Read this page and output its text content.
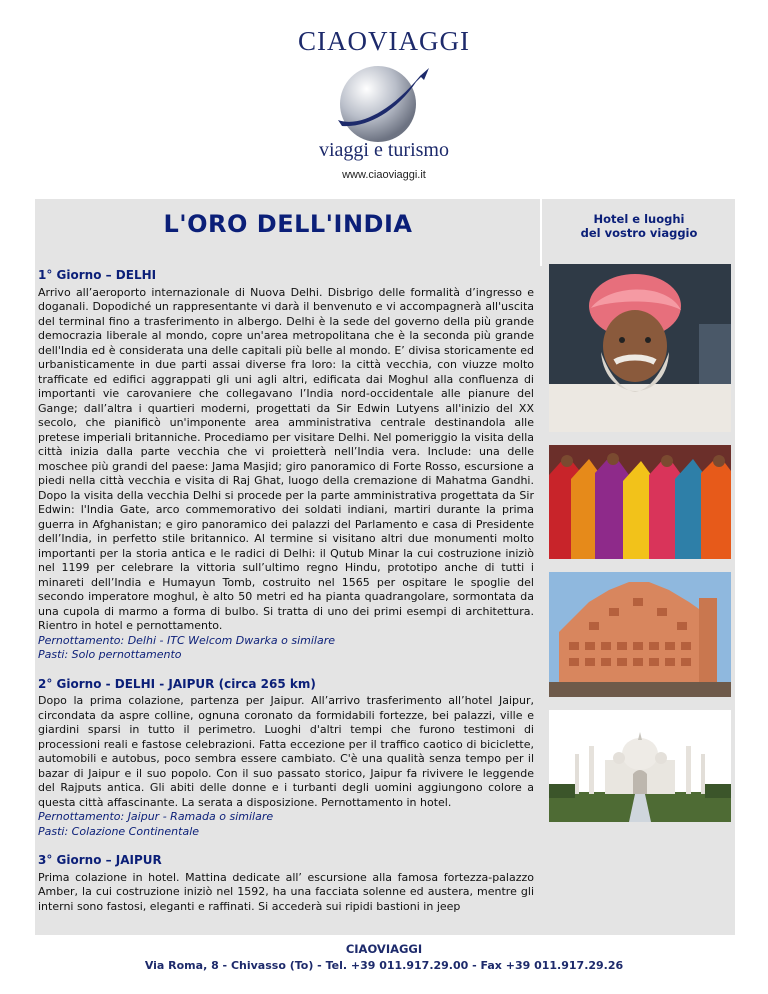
CIAOVIAGGI
viaggi e turismo
www.ciaoviaggi.it
L'ORO DELL'INDIA	Hotel e luoghi
del vostro viaggio
1° Giorno – DELHI

Arrivo all’aeroporto internazionale di Nuova Delhi. Disbrigo delle formalità d’ingresso e doganali. Dopodiché un rappresentante vi darà il benvenuto e vi accompagnerà all'uscita del terminal fino a trasferimento in albergo. Delhi è la sede del governo della più grande democrazia liberale al mondo, copre un'area metropolitana che è la seconda più grande dell'India ed è considerata una delle capitali più belle al mondo. E’ divisa storicamente ed urbanisticamente in due parti assai diverse fra loro: la città vecchia, con viuzze molto trafficate ed edifici aggrappati gli uni agli altri, edificata dai Moghul alla confluenza di importanti vie carovaniere che collegavano l’India nord-occidentale alle pianure del Gange; dall’altra i quartieri moderni, progettati da Sir Edwin Lutyens all'inizio del XX secolo, che pianificò un'imponente area amministrativa centrale destinandola alle pretese imperiali britanniche. Procediamo per visitare Delhi. Nel pomeriggio la visita della città inizia dalla parte vecchia che vi proietterà nell’India vera. Include: una delle moschee più grandi del paese: Jama Masjid; giro panoramico di Forte Rosso, escursione a piedi nella città vecchia e visita di Raj Ghat, luogo della cremazione di Mahatma Gandhi. Dopo la visita della vecchia Delhi si procede per la parte amministrativa progettata da Sir Edwin: l'India Gate, arco commemorativo dei soldati indiani, martiri durante la prima guerra in Afghanistan; e giro panoramico dei palazzi del Parlamento e casa di Presidente dell’India, in perfetto stile britannico. Al termine si visitano altri due monumenti molto importanti per la storia antica e le radici di Delhi: il Qutub Minar la cui costruzione iniziò nel 1199 per celebrare la vittoria sull’ultimo regno Hindu, prototipo anche di tutti i minareti dell’India e Humayun Tomb, costruito nel 1565 per ospitare le spoglie del secondo imperatore moghul, è alto 50 metri ed ha pianta quadrangolare, sormontata da una cupola di marmo a forma di bulbo. Si tratta di uno dei primi esempi di architettura. Rientro in hotel e pernottamento.

Pernottamento: Delhi - ITC Welcom Dwarka o similare

Pasti: Solo pernottamento

2° Giorno - DELHI - JAIPUR (circa 265 km)

Dopo la prima colazione, partenza per Jaipur. All’arrivo trasferimento all’hotel Jaipur, circondata da aspre colline, ognuna coronato da formidabili fortezze, bei palazzi, ville e giardini sparsi in tutto il perimetro. Luoghi d'altri tempi che furono testimoni di processioni reali e fastose celebrazioni. Fatta eccezione per il traffico caotico di biciclette, automobili e autobus, poco sembra essere cambiato. C'è una qualità senza tempo per il bazar di Jaipur e il suo popolo. Con il suo passato storico, Jaipur fa rivivere le leggende del Rajputs antica. Gli abiti delle donne e i turbanti degli uomini aggiungono colore a questa città affascinante. La serata a disposizione. Pernottamento in hotel.

Pernottamento: Jaipur - Ramada o similare

Pasti: Colazione Continentale

3° Giorno – JAIPUR

Prima colazione in hotel. Mattina dedicate all’ escursione alla famosa fortezza-palazzo Amber, la cui costruzione iniziò nel 1592, ha una facciata solenne ed austera, mentre gli interni sono fastosi, eleganti e raffinati. Si accederà sui ripidi bastioni in jeep

CIAOVIAGGI
Via Roma, 8 - Chivasso (To) - Tel. +39 011.917.29.00 - Fax +39 011.917.29.26
